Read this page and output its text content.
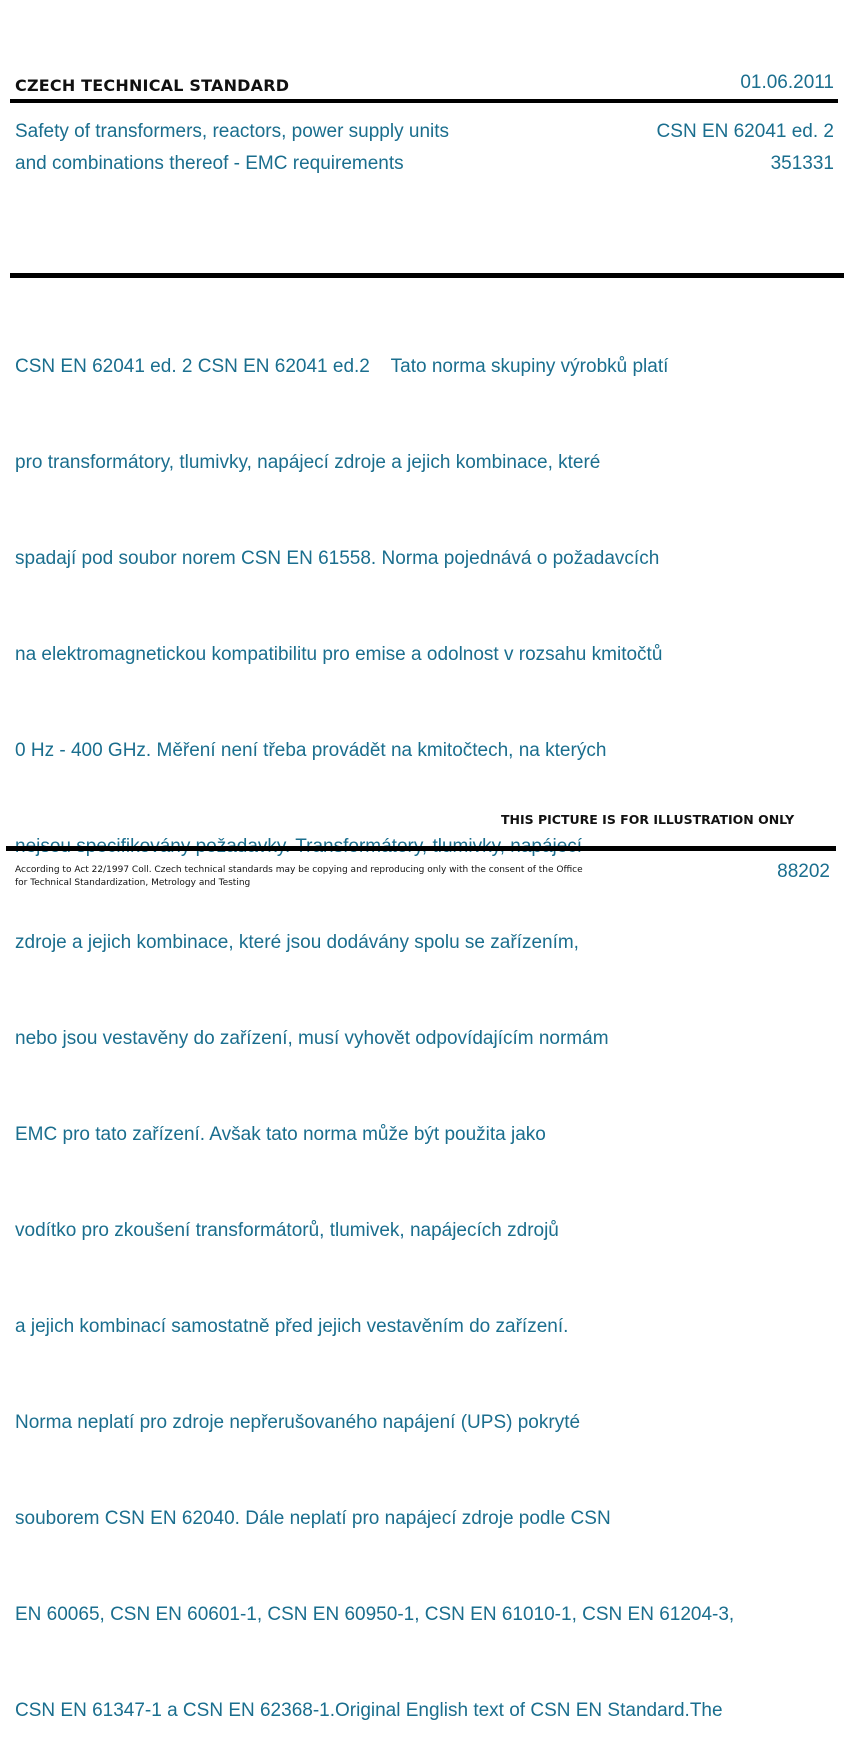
CZECH TECHNICAL STANDARD	01.06.2011
Safety of transformers, reactors, power supply units
and combinations thereof - EMC requirements
CSN EN 62041 ed. 2
351331

CSN EN 62041 ed. 2 CSN EN 62041 ed.2    Tato norma skupiny výrobků platí

pro transformátory, tlumivky, napájecí zdroje a jejich kombinace, které

spadají pod soubor norem CSN EN 61558. Norma pojednává o požadavcích

na elektromagnetickou kompatibilitu pro emise a odolnost v rozsahu kmitočtů

0 Hz - 400 GHz. Měření není třeba provádět na kmitočtech, na kterých

zdroje a jejich kombinace, které jsou dodávány spolu se zařízením,

nebo jsou vestavěny do zařízení, musí vyhovět odpovídajícím normám

EMC pro tato zařízení. Avšak tato norma může být použita jako

vodítko pro zkoušení transformátorů, tlumivek, napájecích zdrojů

a jejich kombinací samostatně před jejich vestavěním do zařízení.

Norma neplatí pro zdroje nepřerušovaného napájení (UPS) pokryté

souborem CSN EN 62040. Dále neplatí pro napájecí zdroje podle CSN

EN 60065, CSN EN 60601-1, CSN EN 60950-1, CSN EN 61010-1, CSN EN 61204-3,

CSN EN 61347-1 a CSN EN 62368-1.Original English text of CSN EN Standard.The

THIS PICTURE IS FOR ILLUSTRATION ONLY
According to Act 22/1997 Coll. Czech technical standards may be copying and reproducing only with the consent of the Office
for Technical Standardization, Metrology and Testing
88202
